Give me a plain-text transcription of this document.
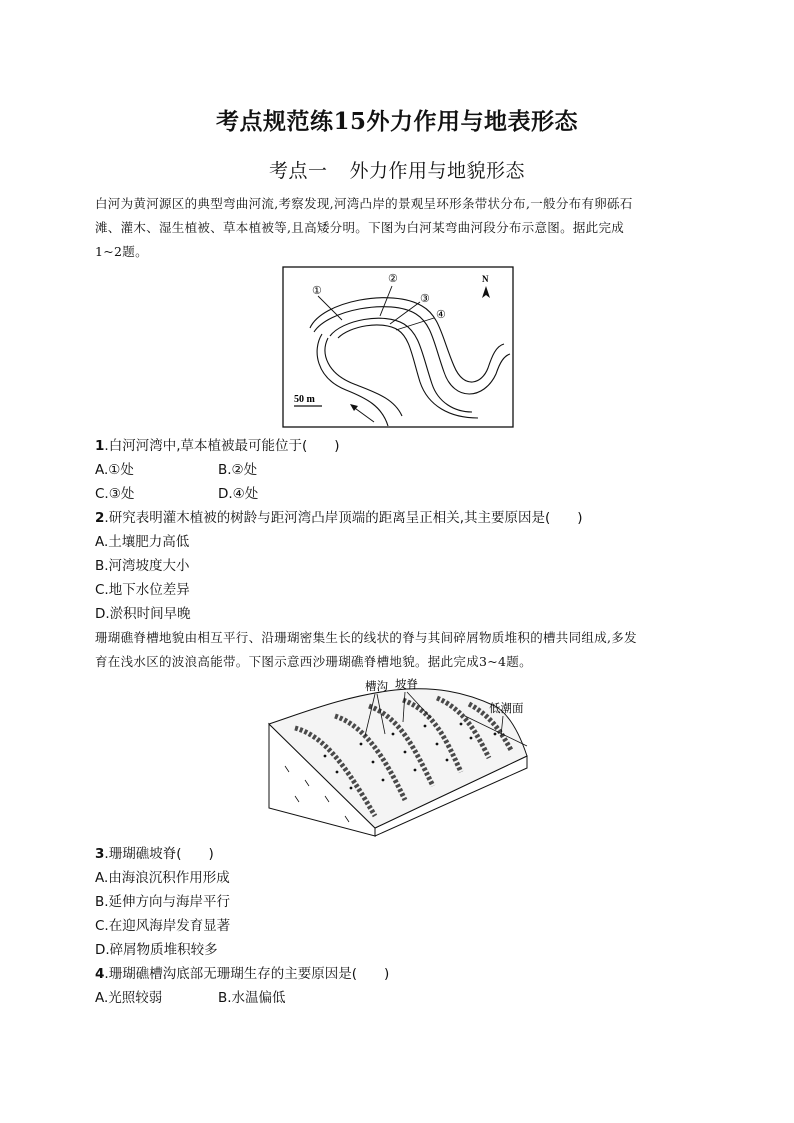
考点规范练15外力作用与地表形态
考点一 外力作用与地貌形态
白河为黄河源区的典型弯曲河流,考察发现,河湾凸岸的景观呈环形条带状分布,一般分布有卵砾石
滩、灌木、湿生植被、草本植被等,且高矮分明。下图为白河某弯曲河段分布示意图。据此完成
1~2题。
①
②
③
④
N
50 m
1.白河河湾中,草本植被最可能位于(　　)
A.①处	B.②处
C.③处	D.④处
2.研究表明灌木植被的树龄与距河湾凸岸顶端的距离呈正相关,其主要原因是(　　)
A.土壤肥力高低
B.河湾坡度大小
C.地下水位差异
D.淤积时间早晚
珊瑚礁脊槽地貌由相互平行、沿珊瑚密集生长的线状的脊与其间碎屑物质堆积的槽共同组成,多发
育在浅水区的波浪高能带。下图示意西沙珊瑚礁脊槽地貌。据此完成3~4题。
槽沟 坡脊
低潮面
3.珊瑚礁坡脊(　　)
A.由海浪沉积作用形成
B.延伸方向与海岸平行
C.在迎风海岸发育显著
D.碎屑物质堆积较多
4.珊瑚礁槽沟底部无珊瑚生存的主要原因是(　　)
A.光照较弱	B.水温偏低
